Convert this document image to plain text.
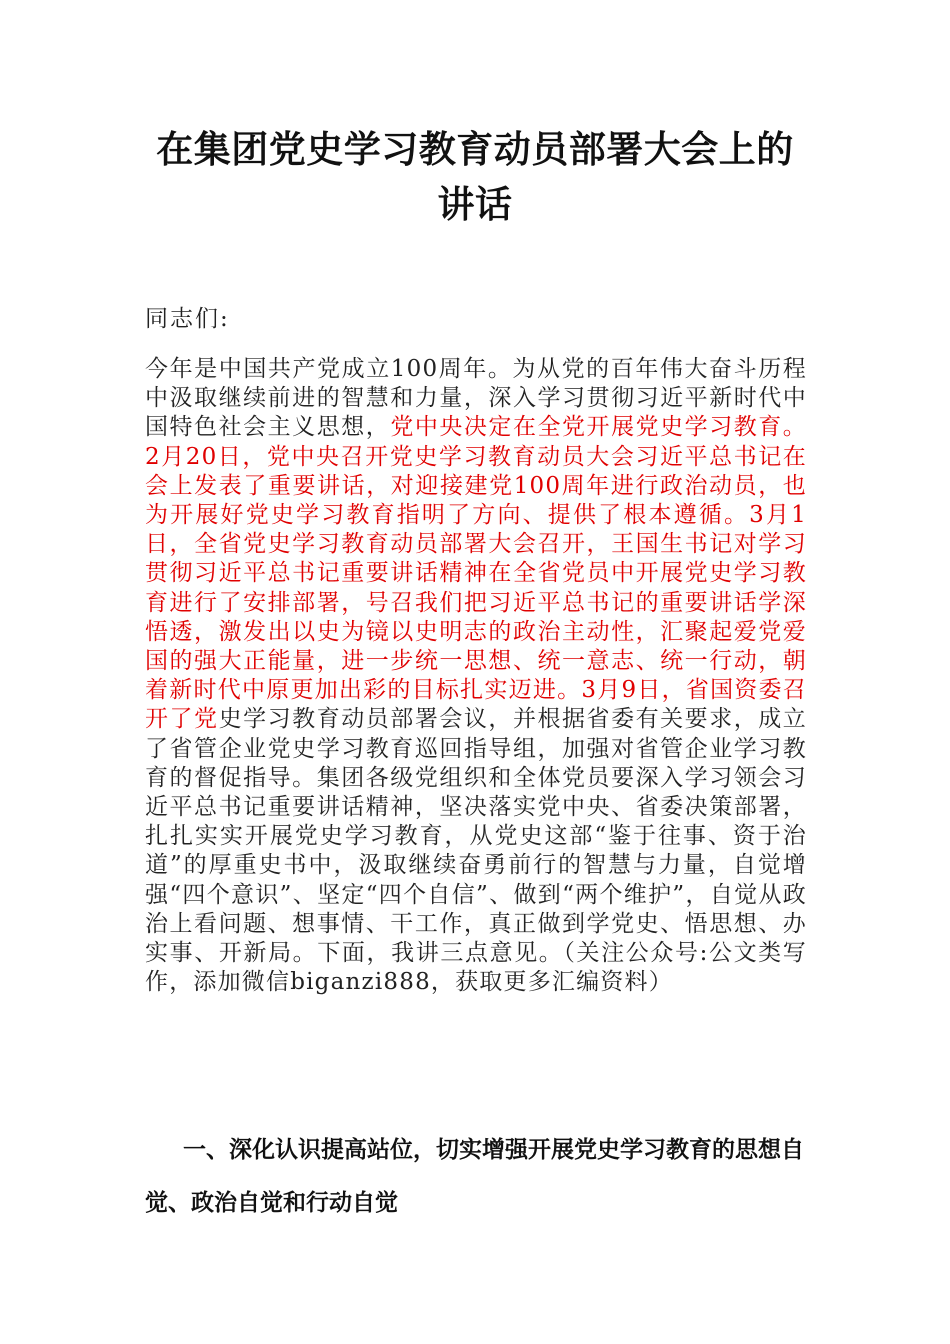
在集团党史学习教育动员部署大会上的讲话

同志们:

今年是中国共产党成立100周年。为从党的百年伟大奋斗历程中汲取继续前进的智慧和力量，深入学习贯彻习近平新时代中国特色社会主义思想，党中央决定在全党开展党史学习教育。2月20日，党中央召开党史学习教育动员大会习近平总书记在会上发表了重要讲话，对迎接建党100周年进行政治动员，也为开展好党史学习教育指明了方向、提供了根本遵循。3月1日，全省党史学习教育动员部署大会召开，王国生书记对学习贯彻习近平总书记重要讲话精神在全省党员中开展党史学习教育进行了安排部署，号召我们把习近平总书记的重要讲话学深悟透，激发出以史为镜以史明志的政治主动性，汇聚起爱党爱国的强大正能量，进一步统一思想、统一意志、统一行动，朝着新时代中原更加出彩的目标扎实迈进。3月9日，省国资委召开了党史学习教育动员部署会议，并根据省委有关要求，成立了省管企业党史学习教育巡回指导组，加强对省管企业学习教育的督促指导。集团各级党组织和全体党员要深入学习领会习近平总书记重要讲话精神，坚决落实党中央、省委决策部署，扎扎实实开展党史学习教育，从党史这部“鉴于往事、资于治道”的厚重史书中，汲取继续奋勇前行的智慧与力量，自觉增强“四个意识”、坚定“四个自信”、做到“两个维护”，自觉从政治上看问题、想事情、干工作，真正做到学党史、悟思想、办实事、开新局。下面，我讲三点意见。（关注公众号:公文类写作，添加微信biganzi888，获取更多汇编资料）

一、深化认识提高站位，切实增强开展党史学习教育的思想自觉、政治自觉和行动自觉
